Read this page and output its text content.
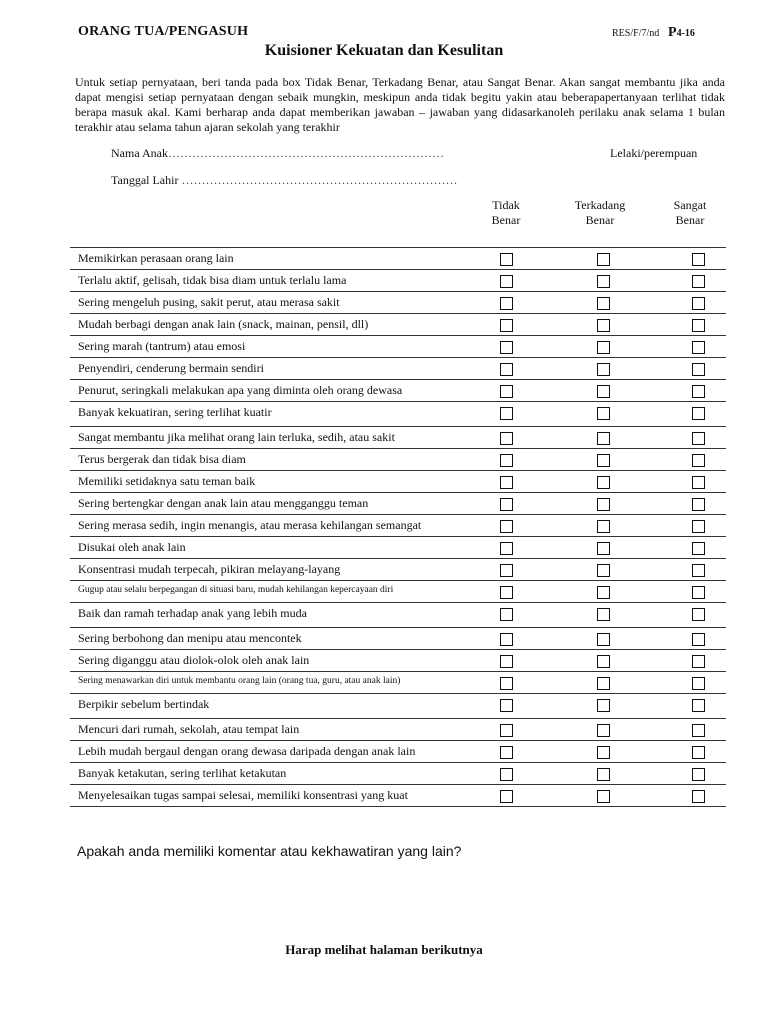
ORANG TUA/PENGASUH	RES/F/7/nd P4-16
Kuisioner Kekuatan dan Kesulitan
Untuk setiap pernyataan, beri tanda pada box Tidak Benar, Terkadang Benar, atau Sangat Benar. Akan sangat membantu jika anda dapat mengisi setiap pernyataan dengan sebaik mungkin, meskipun anda tidak begitu yakin atau beberapapertanyaan terlihat tidak berapa masuk akal. Kami berharap anda dapat memberikan jawaban – jawaban yang didasarkanoleh perilaku anak selama 1 bulan terakhir atau selama tahun ajaran sekolah yang terakhir
Nama Anak……………………………………………………………	Lelaki/perempuan
Tanggal Lahir ……………………………………………………………
Tidak
Benar
Terkadang
Benar
Sangat
Benar
Memikirkan perasaan orang lain
Terlalu aktif, gelisah, tidak bisa diam untuk terlalu lama
Sering mengeluh pusing, sakit perut, atau merasa sakit
Mudah berbagi dengan anak lain (snack, mainan, pensil, dll)
Sering marah (tantrum) atau emosi
Penyendiri, cenderung bermain sendiri
Penurut, seringkali melakukan apa yang diminta oleh orang dewasa
Banyak kekuatiran, sering terlihat kuatir
Sangat membantu jika melihat orang lain terluka, sedih, atau sakit
Terus bergerak dan tidak bisa diam
Memiliki setidaknya satu teman baik
Sering bertengkar dengan anak lain atau mengganggu teman
Sering merasa sedih, ingin menangis, atau merasa kehilangan semangat
Disukai oleh anak lain
Konsentrasi mudah terpecah, pikiran melayang-layang
Gugup atau selalu berpegangan di situasi baru, mudah kehilangan kepercayaan diri
Baik dan ramah terhadap anak yang lebih muda
Sering berbohong dan menipu atau mencontek
Sering diganggu atau diolok-olok oleh anak lain
Sering menawarkan diri untuk membantu orang lain (orang tua, guru, atau anak lain)
Berpikir sebelum bertindak
Mencuri dari rumah, sekolah, atau tempat lain
Lebih mudah bergaul dengan orang dewasa daripada dengan anak lain
Banyak ketakutan, sering terlihat ketakutan
Menyelesaikan tugas sampai selesai, memiliki konsentrasi yang kuat
Apakah anda memiliki komentar atau kekhawatiran yang lain?
Harap melihat halaman berikutnya
